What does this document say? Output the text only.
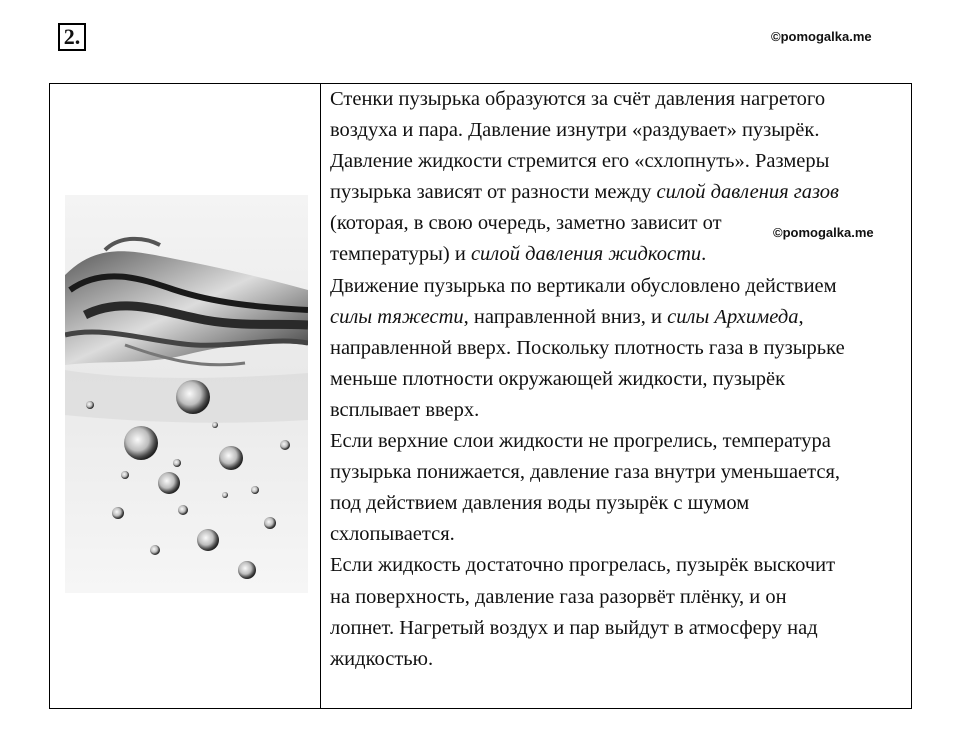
2.	©pomogalka.me
Стенки пузырька образуются за счёт давления нагретого
воздуха и пара. Давление изнутри «раздувает» пузырёк.
Давление жидкости стремится его «схлопнуть». Размеры
пузырька зависят от разности между силой давления газов
(которая, в свою очередь, заметно зависит от
температуры) и силой давления жидкости.
Движение пузырька по вертикали обусловлено действием
силы тяжести, направленной вниз, и силы Архимеда,
направленной вверх. Поскольку плотность газа в пузырьке
меньше плотности окружающей жидкости, пузырёк
всплывает вверх.
Если верхние слои жидкости не прогрелись, температура
пузырька понижается, давление газа внутри уменьшается,
под действием давления воды пузырёк с шумом
схлопывается.
Если жидкость достаточно прогрелась, пузырёк выскочит
на поверхность, давление газа разорвёт плёнку, и он
лопнет. Нагретый воздух и пар выйдут в атмосферу над
жидкостью.
©pomogalka.me
